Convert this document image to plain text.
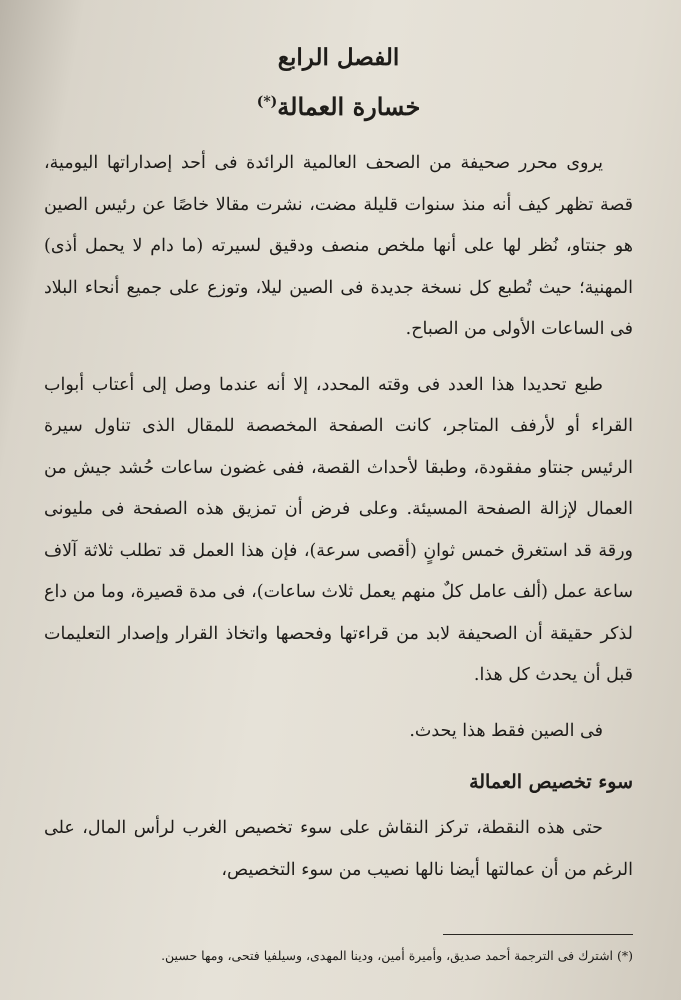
الفصل الرابع
خسارة العمالة(*)

يروى محرر صحيفة من الصحف العالمية الرائدة فى أحد إصداراتها اليومية، قصة تظهر كيف أنه منذ سنوات قليلة مضت، نشرت مقالا خاصًا عن رئيس الصين هو جنتاو، نُظر لها على أنها ملخص منصف ودقيق لسيرته (ما دام لا يحمل أذى) المهنية؛ حيث تُطبع كل نسخة جديدة فى الصين ليلا، وتوزع على جميع أنحاء البلاد فى الساعات الأولى من الصباح.

طبع تحديدا هذا العدد فى وقته المحدد، إلا أنه عندما وصل إلى أعتاب أبواب القراء أو لأرفف المتاجر، كانت الصفحة المخصصة للمقال الذى تناول سيرة الرئيس جنتاو مفقودة، وطبقا لأحداث القصة، ففى غضون ساعات حُشد جيش من العمال لإزالة الصفحة المسيئة. وعلى فرض أن تمزيق هذه الصفحة فى مليونى ورقة قد استغرق خمس ثوانٍ (أقصى سرعة)، فإن هذا العمل قد تطلب ثلاثة آلاف ساعة عمل (ألف عامل كلٌ منهم يعمل ثلاث ساعات)، فى مدة قصيرة، وما من داع لذكر حقيقة أن الصحيفة لابد من قراءتها وفحصها واتخاذ القرار وإصدار التعليمات قبل أن يحدث كل هذا.

فى الصين فقط هذا يحدث.

سوء تخصيص العمالة

حتى هذه النقطة، تركز النقاش على سوء تخصيص الغرب لرأس المال، على الرغم من أن عمالتها أيضا نالها نصيب من سوء التخصيص،

(*) اشترك فى الترجمة أحمد صديق، وأميرة أمين، ودينا المهدى، وسيلفيا فتحى، ومها حسين.
